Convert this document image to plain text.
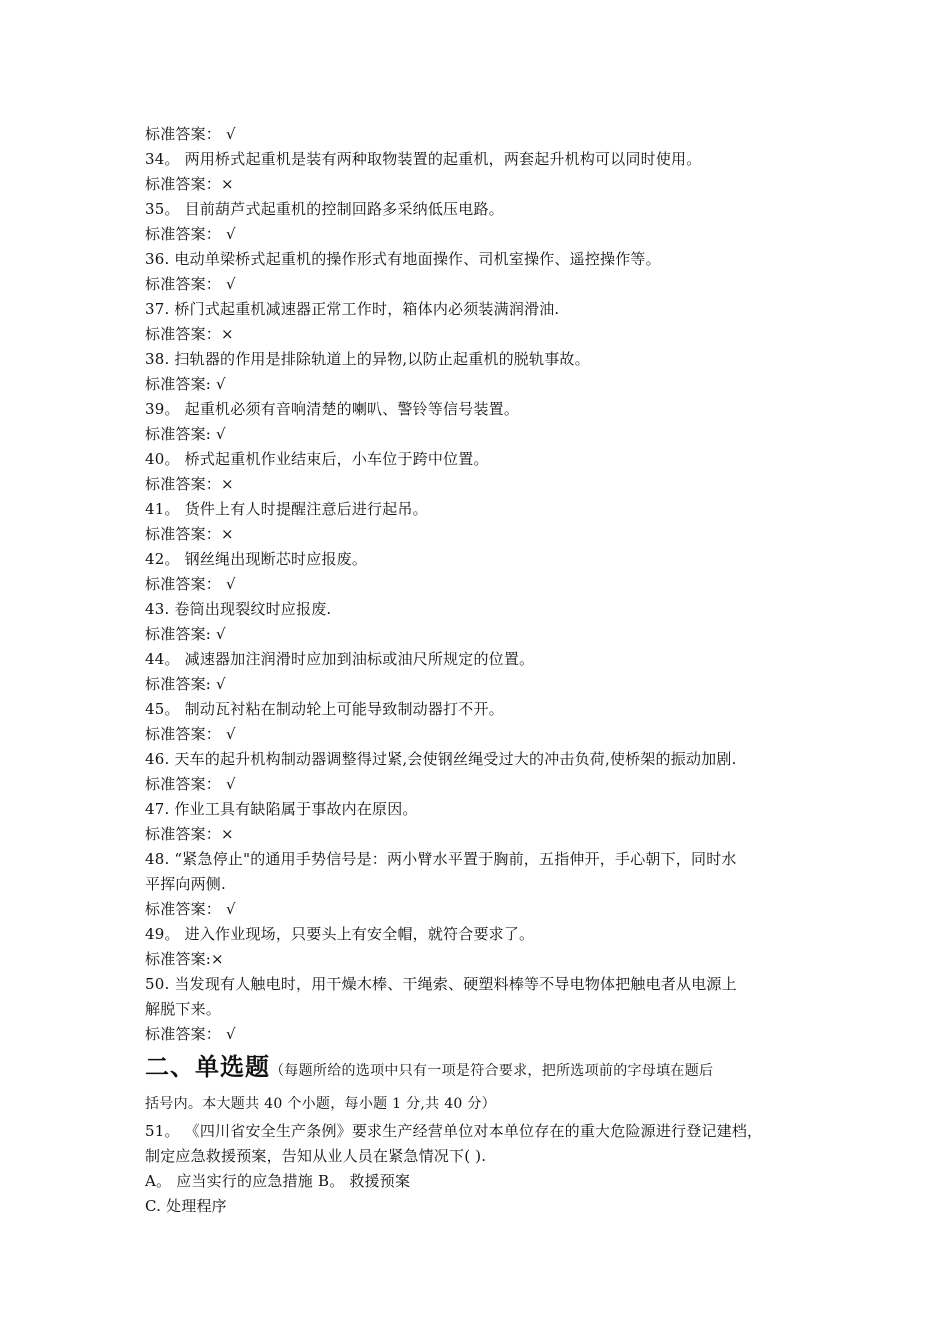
标准答案： √
34。 两用桥式起重机是装有两种取物装置的起重机，两套起升机构可以同时使用。
标准答案：×
35。 目前葫芦式起重机的控制回路多采纳低压电路。
标准答案： √
36. 电动单梁桥式起重机的操作形式有地面操作、司机室操作、遥控操作等。
标准答案： √
37. 桥门式起重机减速器正常工作时，箱体内必须装满润滑油.
标准答案：×
38. 扫轨器的作用是排除轨道上的异物,以防止起重机的脱轨事故。
标准答案: √
39。 起重机必须有音响清楚的喇叭、警铃等信号装置。
标准答案: √
40。 桥式起重机作业结束后，小车位于跨中位置。
标准答案：×
41。 货件上有人时提醒注意后进行起吊。
标准答案：×
42。 钢丝绳出现断芯时应报废。
标准答案： √
43. 卷筒出现裂纹时应报废.
标准答案: √
44。 减速器加注润滑时应加到油标或油尺所规定的位置。
标准答案: √
45。 制动瓦衬粘在制动轮上可能导致制动器打不开。
标准答案： √
46. 天车的起升机构制动器调整得过紧,会使钢丝绳受过大的冲击负荷,使桥架的振动加剧.
标准答案： √
47. 作业工具有缺陷属于事故内在原因。
标准答案：×
48. “紧急停止"的通用手势信号是：两小臂水平置于胸前，五指伸开，手心朝下，同时水
平挥向两侧.
标准答案： √
49。 进入作业现场，只要头上有安全帽，就符合要求了。
标准答案:×
50. 当发现有人触电时，用干燥木棒、干绳索、硬塑料棒等不导电物体把触电者从电源上
解脱下来。
标准答案： √
二、单选题（每题所给的选项中只有一项是符合要求，把所选项前的字母填在题后
括号内。本大题共 40 个小题，每小题 1 分,共 40 分）
51。 《四川省安全生产条例》要求生产经营单位对本单位存在的重大危险源进行登记建档，
制定应急救援预案，告知从业人员在紧急情况下( ).
A。 应当实行的应急措施 B。 救援预案
C. 处理程序
